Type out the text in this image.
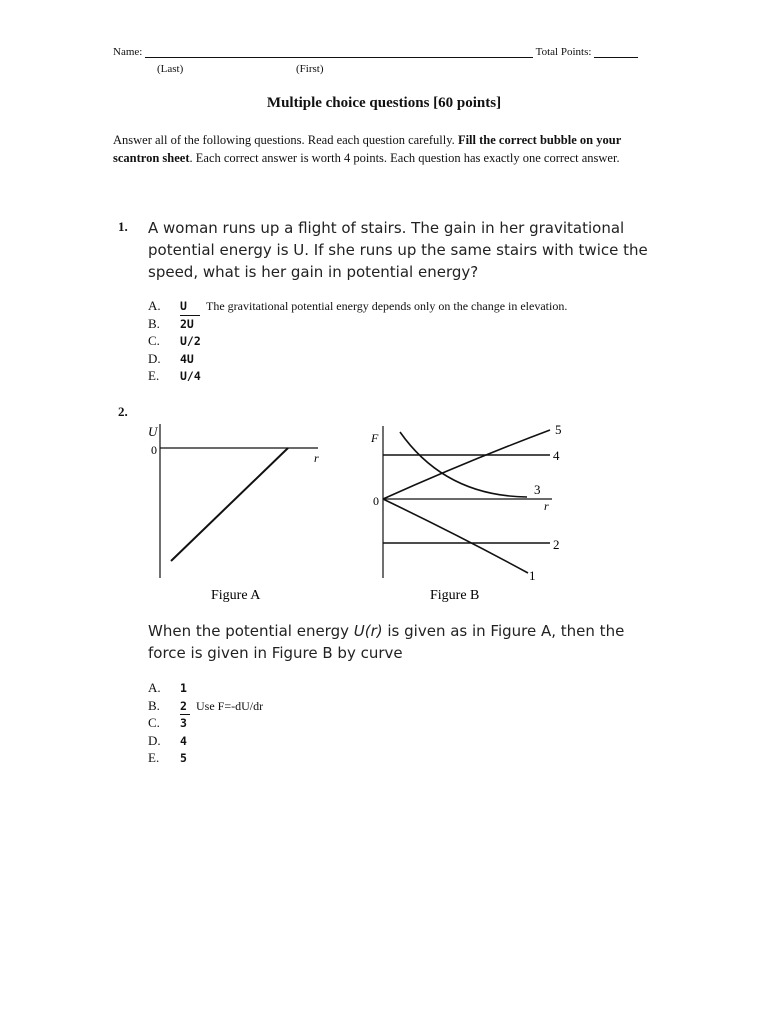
Name:	Total Points:
(Last)	(First)
Multiple choice questions [60 points]
Answer all of the following questions. Read each question carefully. Fill the correct bubble on your scantron sheet. Each correct answer is worth 4 points. Each question has exactly one correct answer.
1. A woman runs up a flight of stairs. The gain in her gravitational potential energy is U. If she runs up the same stairs with twice the speed, what is her gain in potential energy?
A. U The gravitational potential energy depends only on the change in elevation.
B. 2U
C. U/2
D. 4U
E. U/4
2.
U
0
r
Figure A
F
0	r
1
2
3
4
5
Figure B
When the potential energy U(r) is given as in Figure A, then the force is given in Figure B by curve
A. 1
B. 2 Use F=-dU/dr
C. 3
D. 4
E. 5
